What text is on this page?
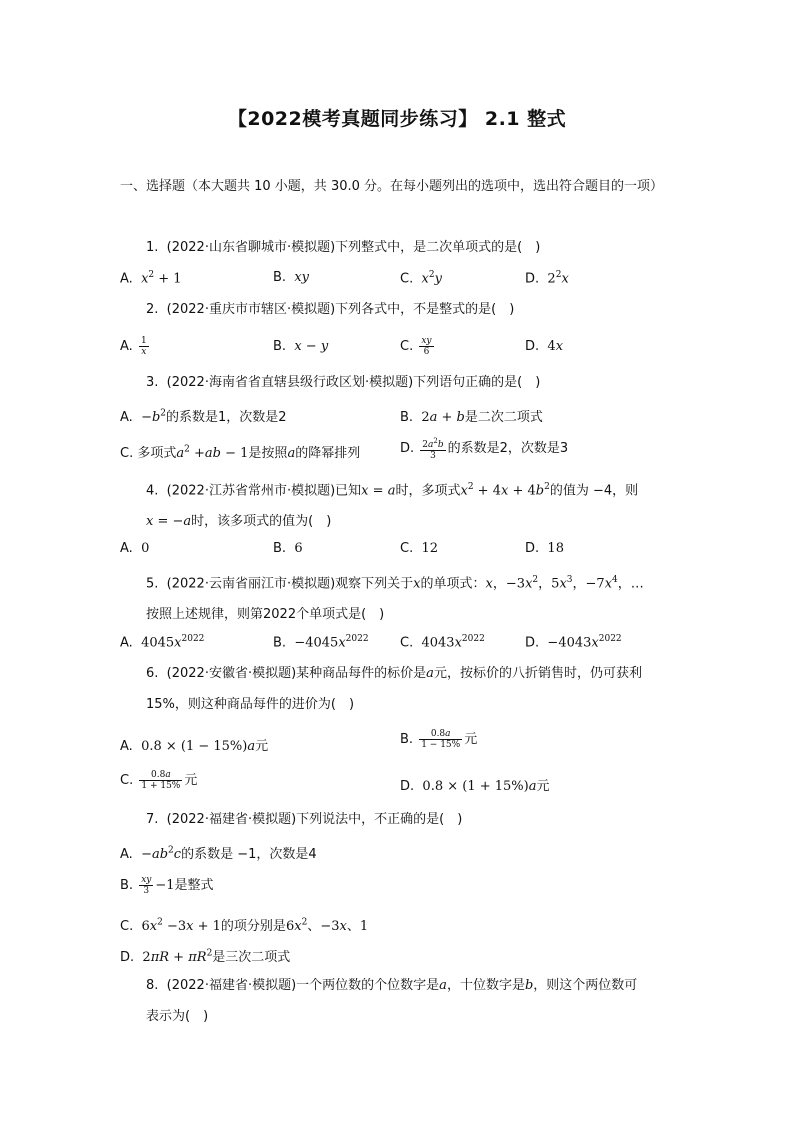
【2022模考真题同步练习】 2.1 整式
一、选择题（本大题共 10 小题，共 30.0 分。在每小题列出的选项中，选出符合题目的一项）
1.  (2022·山东省聊城市·模拟题)下列整式中，是二次单项式的是(　)
A. $x^2 + 1$	B. xy	C. $x^2y$	D. $2^2x$
2.  (2022·重庆市市辖区·模拟题)下列各式中，不是整式的是(　)
A. $\frac{1}{x}$	B. x − y	C. $\frac{xy}{6}$	D. 4x
3.  (2022·海南省省直辖县级行政区划·模拟题)下列语句正确的是(　)
A. $-b^2$的系数是1，次数是2	B. 2a + b是二次二项式
C. 多项式$a^2 +ab - 1$是按照a的降幂排列	D. $\frac{2a^2b}{3}$ 的系数是2，次数是3
4.  (2022·江苏省常州市·模拟题)已知x = a时，多项式$x^2 + 4x + 4b^2$的值为 −4，则
x = −a时，该多项式的值为(　)
A. 0	B. 6	C. 12	D. 18
5.  (2022·云南省丽江市·模拟题)观察下列关于x的单项式：x，$-3x^2$，$5x^3$，$-7x^4$，…
按照上述规律，则第2022个单项式是(　)
A. $4045x^{2022}$	B. $-4045x^{2022}$ C. $4043x^{2022}$	D. $-4043x^{2022}$
6.  (2022·安徽省·模拟题)某种商品每件的标价是a元，按标价的八折销售时，仍可获利
15%，则这种商品每件的进价为(　)
A. 0.8 × (1 − 15%)a元	B. $\frac{0.8a}{1 - 15\%}$ 元
C. $\frac{0.8a}{1 + 15\%}$ 元	D. 0.8 × (1 + 15%)a元
7.  (2022·福建省·模拟题)下列说法中，不正确的是(　)
A. $-ab^2c$的系数是 −1，次数是4
B. $\frac{xy}{3} -1$是整式
C. $6x^2 -3x + 1$的项分别是$6x^2$、−3x、1
D. $2\pi R + \pi R^2$是三次二项式
8.  (2022·福建省·模拟题)一个两位数的个位数字是a，十位数字是b，则这个两位数可
表示为(　)
